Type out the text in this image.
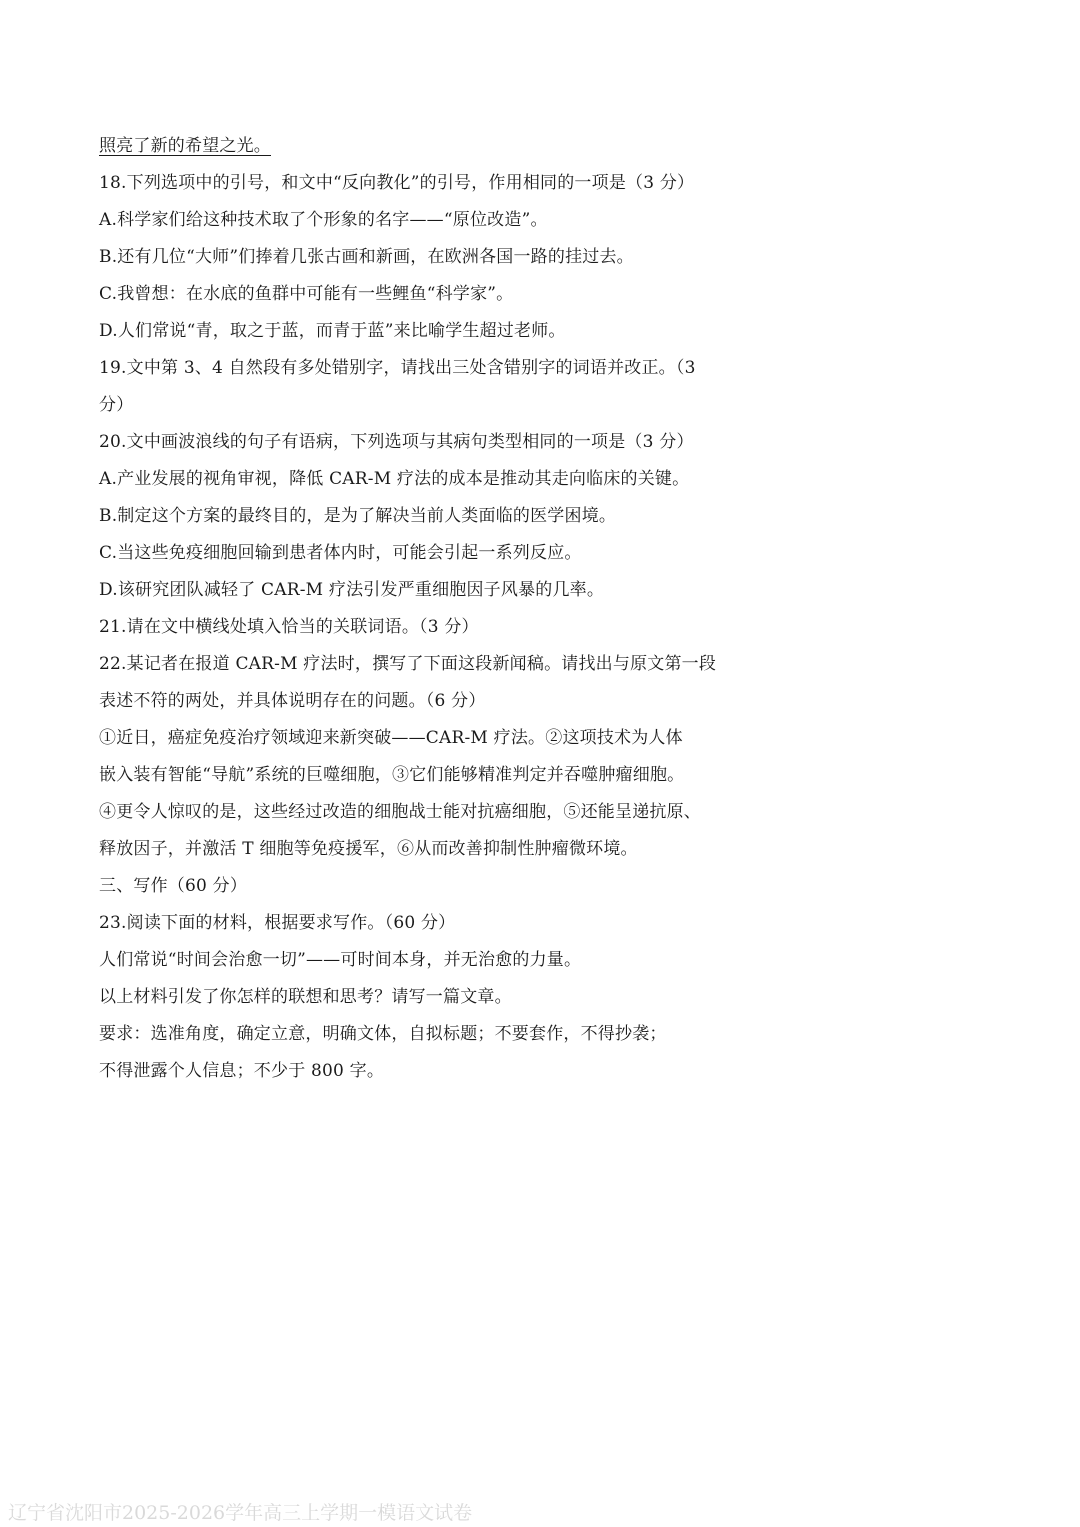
照亮了新的希望之光。
18.下列选项中的引号，和文中“反向教化”的引号，作用相同的一项是（3 分）
A.科学家们给这种技术取了个形象的名字——“原位改造”。
B.还有几位“大师”们捧着几张古画和新画，在欧洲各国一路的挂过去。
C.我曾想：在水底的鱼群中可能有一些鲤鱼“科学家”。
D.人们常说“青，取之于蓝，而青于蓝”来比喻学生超过老师。
19.文中第 3、4 自然段有多处错别字，请找出三处含错别字的词语并改正。（3
分）
20.文中画波浪线的句子有语病，下列选项与其病句类型相同的一项是（3 分）
A.产业发展的视角审视，降低 CAR-M 疗法的成本是推动其走向临床的关键。
B.制定这个方案的最终目的，是为了解决当前人类面临的医学困境。
C.当这些免疫细胞回输到患者体内时，可能会引起一系列反应。
D.该研究团队减轻了 CAR-M 疗法引发严重细胞因子风暴的几率。
21.请在文中横线处填入恰当的关联词语。（3 分）
22.某记者在报道 CAR-M 疗法时，撰写了下面这段新闻稿。请找出与原文第一段
表述不符的两处，并具体说明存在的问题。（6 分）
①近日，癌症免疫治疗领域迎来新突破——CAR-M 疗法。②这项技术为人体
嵌入装有智能“导航”系统的巨噬细胞，③它们能够精准判定并吞噬肿瘤细胞。
④更令人惊叹的是，这些经过改造的细胞战士能对抗癌细胞，⑤还能呈递抗原、
释放因子，并激活 T 细胞等免疫援军，⑥从而改善抑制性肿瘤微环境。
三、写作（60 分）
23.阅读下面的材料，根据要求写作。（60 分）
人们常说“时间会治愈一切”——可时间本身，并无治愈的力量。
以上材料引发了你怎样的联想和思考？请写一篇文章。
要求：选准角度，确定立意，明确文体，自拟标题；不要套作，不得抄袭；
不得泄露个人信息；不少于 800 字。
辽宁省沈阳市2025-2026学年高三上学期一模语文试卷
